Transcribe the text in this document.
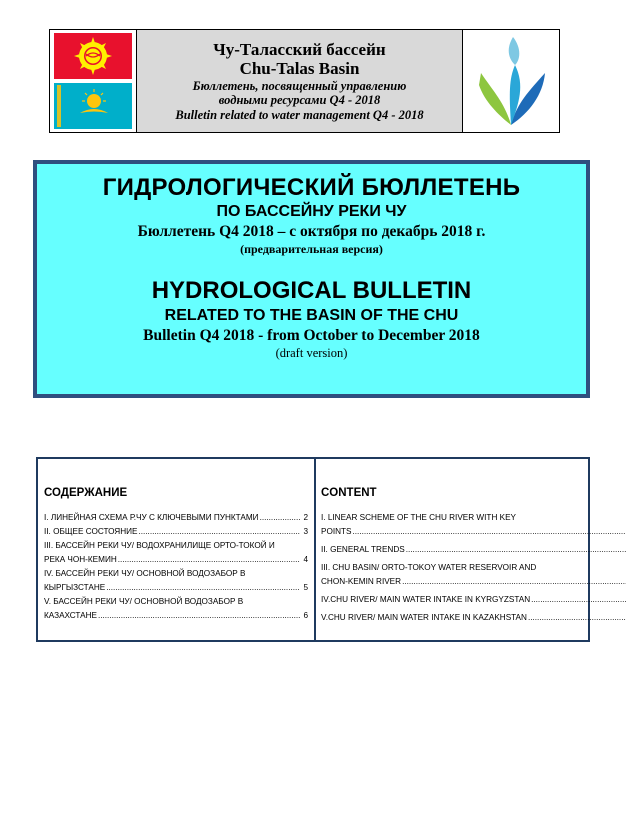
Чу-Таласский бассейн
Chu-Talas Basin
Бюллетень, посвященный управлению
водными ресурсами Q4 - 2018
Bulletin related to water management Q4 - 2018
ГИДРОЛОГИЧЕСКИЙ БЮЛЛЕТЕНЬ
ПО БАССЕЙНУ РЕКИ ЧУ
Бюллетень Q4 2018 – с октября по декабрь 2018 г.
(предварительная версия)
HYDROLOGICAL BULLETIN
RELATED TO THE BASIN OF THE CHU
Bulletin Q4 2018 - from October to December 2018
(draft version)
СОДЕРЖАНИЕ
I. ЛИНЕЙНАЯ СХЕМА Р.ЧУ С КЛЮЧЕВЫМИ ПУНКТАМИ .....	2
II. ОБЩЕЕ СОСТОЯНИЕ .....	3
III. БАССЕЙН РЕКИ ЧУ/ ВОДОХРАНИЛИЩЕ ОРТО-ТОКОЙ И
РЕКА ЧОН-КЕМИН .....	4
IV. БАССЕЙН РЕКИ ЧУ/ ОСНОВНОЙ ВОДОЗАБОР В
КЫРГЫЗСТАНЕ .....	5
V. БАССЕЙН РЕКИ ЧУ/ ОСНОВНОЙ ВОДОЗАБОР В
КАЗАХСТАНЕ .....	6
CONTENT
I. LINEAR SCHEME OF THE CHU RIVER WITH KEY
POINTS
.....
II. GENERAL TRENDS
.....
III. CHU BASIN/ ORTO-TOKOY WATER RESERVOIR AND
CHON-KEMIN RIVER
.....
IV.CHU RIVER/ MAIN WATER INTAKE IN KYRGYZSTAN
.....
V.CHU RIVER/ MAIN WATER INTAKE IN KAZAKHSTAN
.....
